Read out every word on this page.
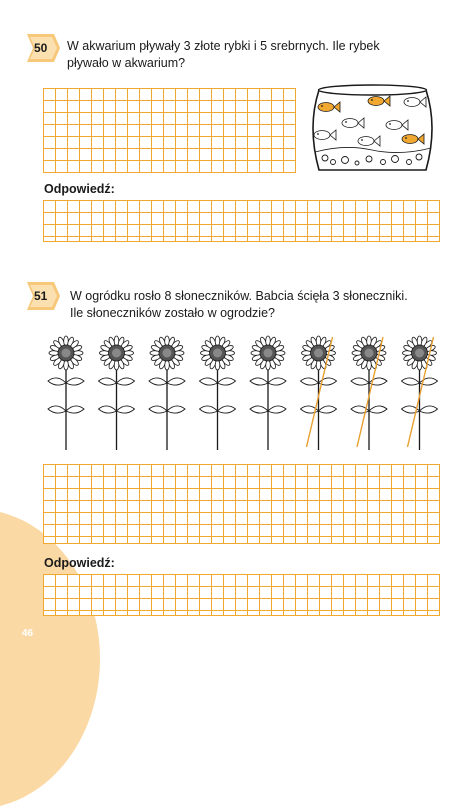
46
50 W akwarium pływały 3 złote rybki i 5 srebrnych. Ile rybek
pływało w akwarium?
Odpowiedź:
51 W ogródku rosło 8 słoneczników. Babcia ścięła 3 słoneczniki.
Ile słoneczników zostało w ogrodzie?
Odpowiedź:
